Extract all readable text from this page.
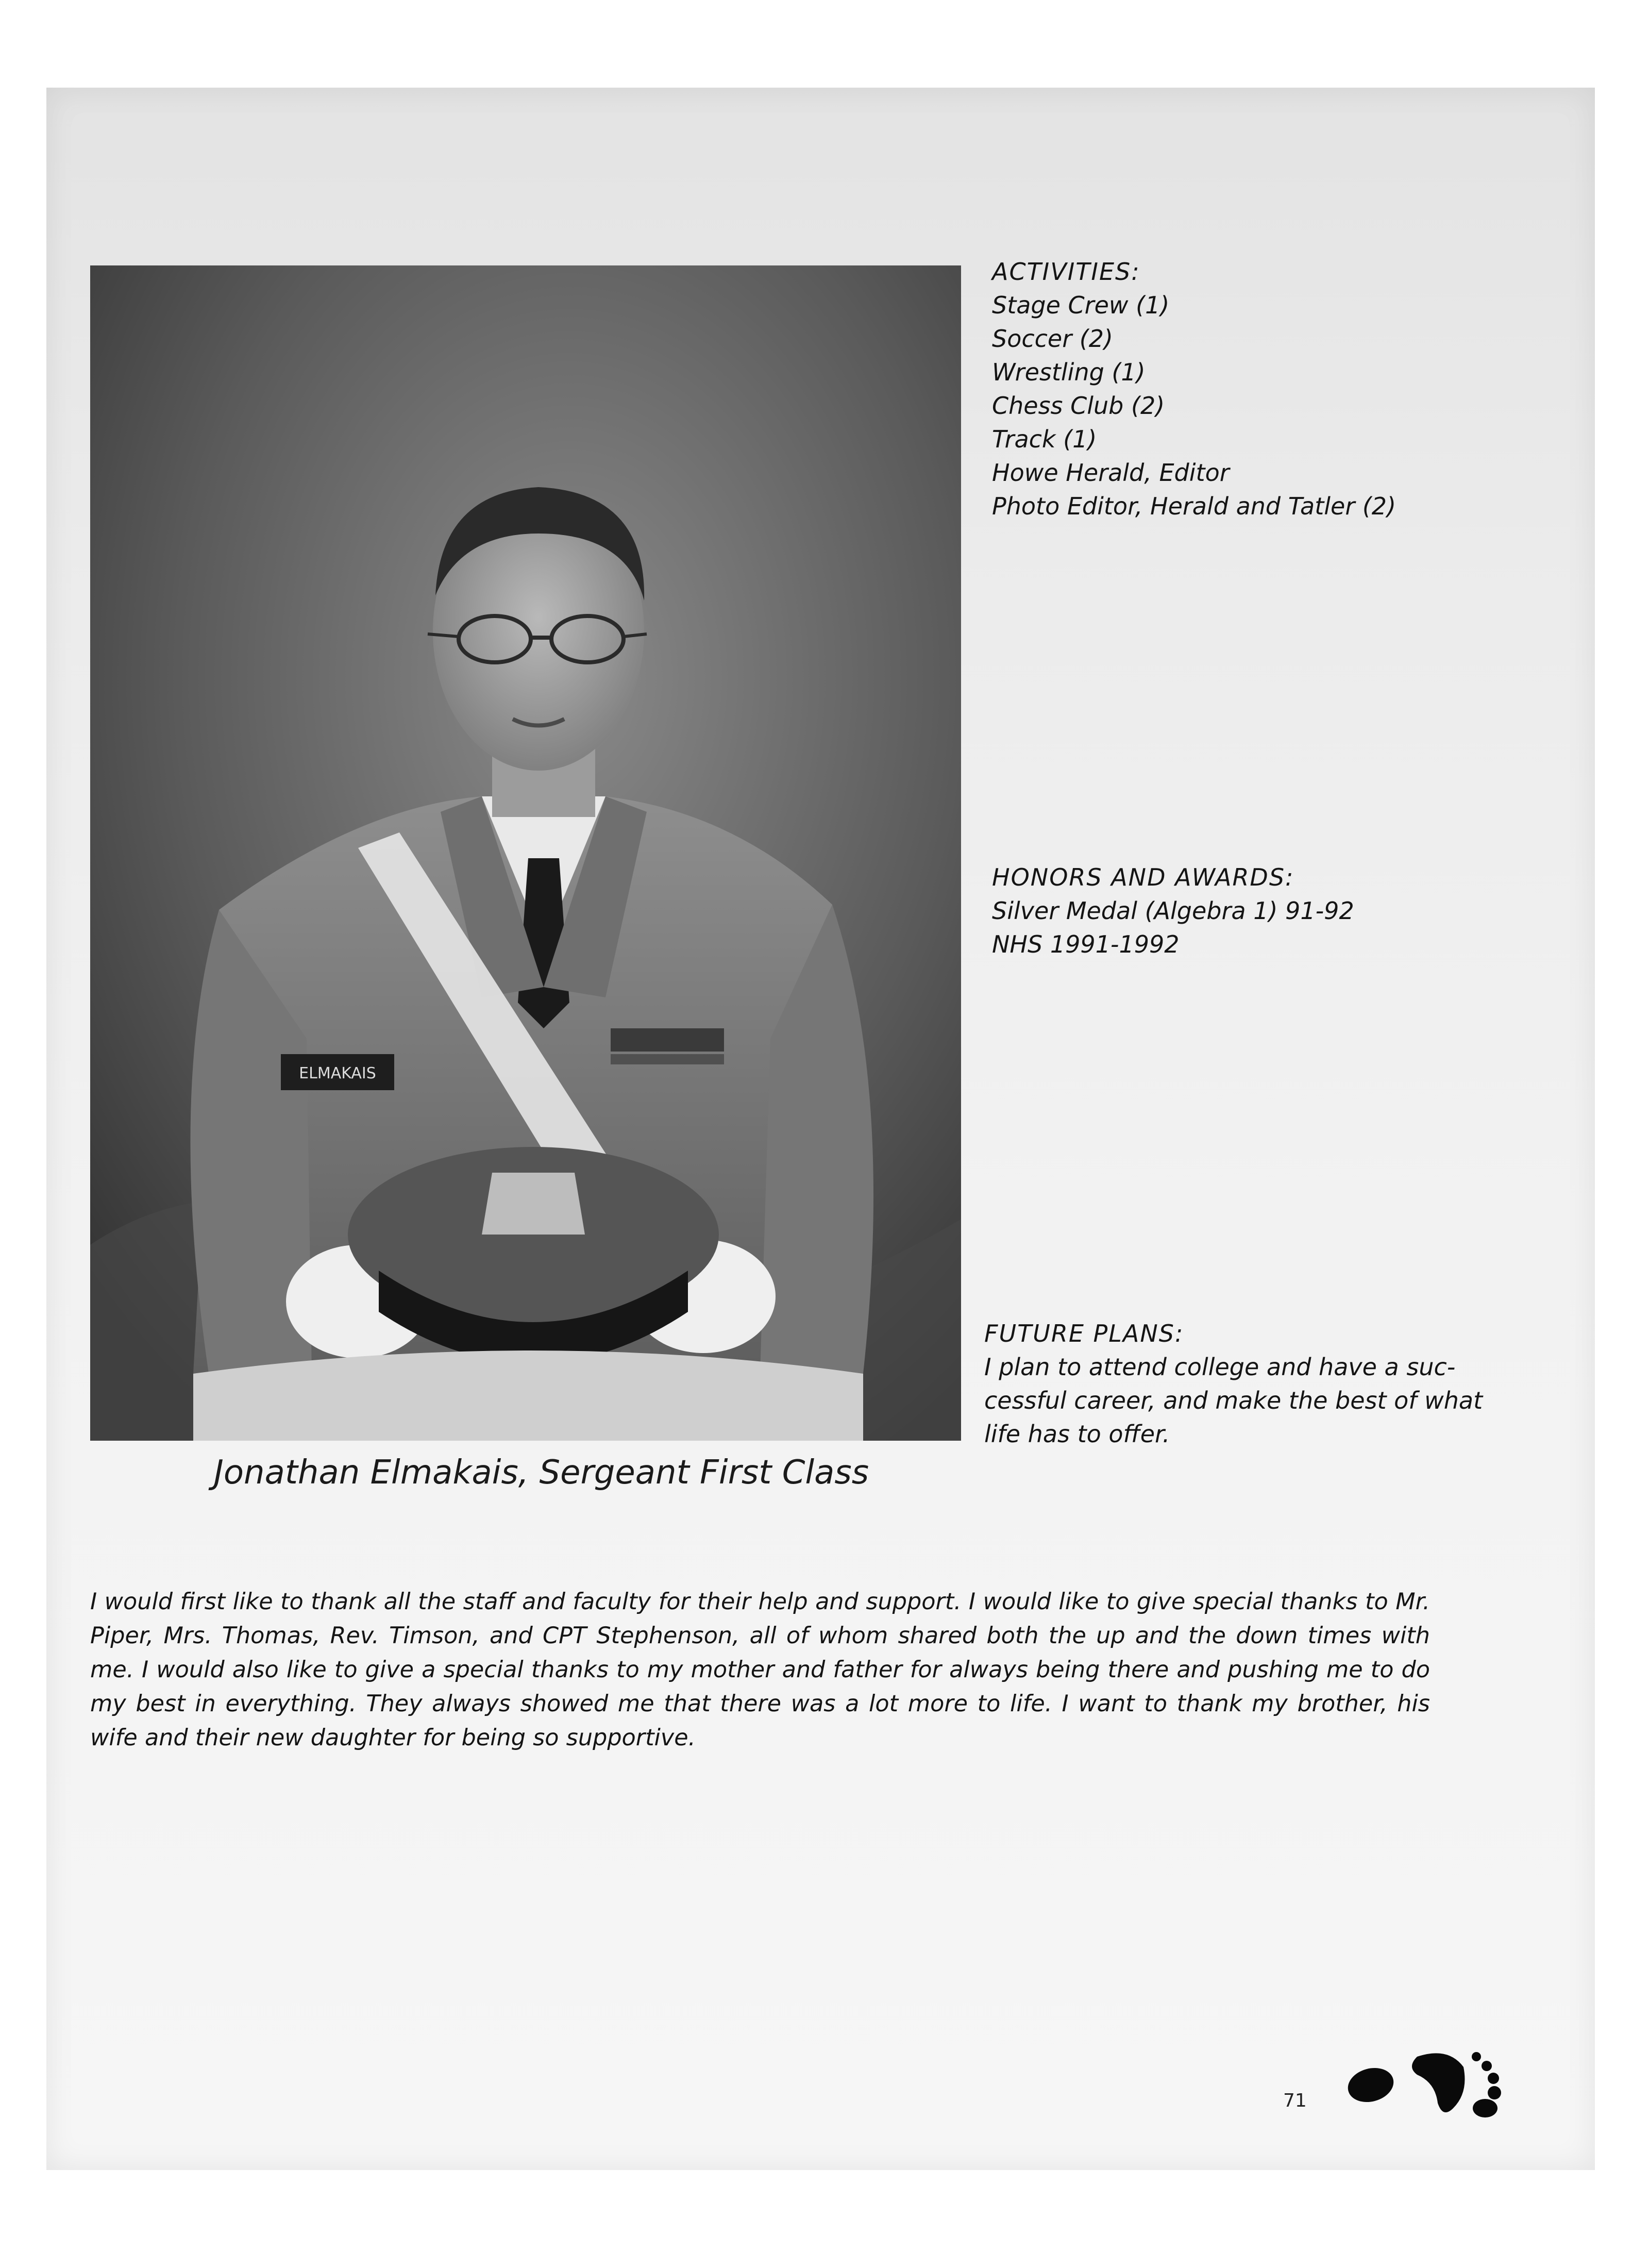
ELMAKAIS

ACTIVITIES:

Stage Crew (1)

Soccer (2)

Wrestling (1)

Chess Club (2)

Track (1)

Howe Herald, Editor

Photo Editor, Herald and Tatler (2)

HONORS AND AWARDS:

Silver Medal (Algebra 1) 91-92

NHS 1991-1992

FUTURE PLANS:

I plan to attend college and have a suc-

cessful career, and make the best of what

life has to offer.

Jonathan Elmakais, Sergeant First Class
I would first like to thank all the staff and faculty for their help and support. I would like to give special thanks to Mr. Piper, Mrs. Thomas, Rev. Timson, and CPT Stephenson, all of whom shared both the up and the down times with me. I would also like to give a special thanks to my mother and father for always being there and pushing me to do my best in everything. They always showed me that there was a lot more to life. I want to thank my brother, his wife and their new daughter for being so supportive.
71
